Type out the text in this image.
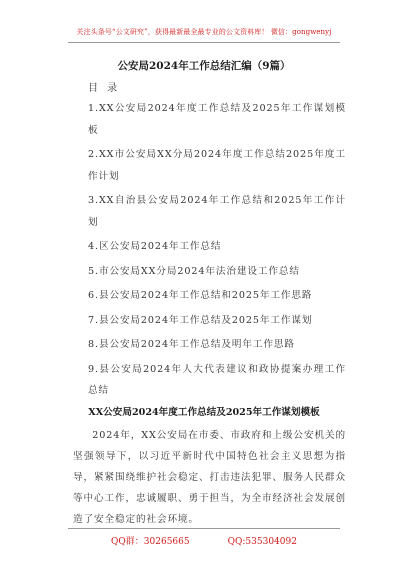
关注头条号“公文研究”，获得最新最全最专业的公文资料库！ 微信：gongwenyj
公安局2024年工作总结汇编（9篇）
目 录
1.XX公安局2024年度工作总结及2025年工作谋划模板
2.XX市公安局XX分局2024年度工作总结2025年度工作计划
3.XX自治县公安局2024年工作总结和2025年工作计划
4.区公安局2024年工作总结
5.市公安局XX分局2024年法治建设工作总结
6.县公安局2024年工作总结和2025年工作思路
7.县公安局2024年工作总结及2025年工作谋划
8.县公安局2024年工作总结及明年工作思路
9.县公安局2024年人大代表建议和政协提案办理工作总结
XX公安局2024年度工作总结及2025年工作谋划模板
2024年，XX公安局在市委、市政府和上级公安机关的坚强领导下，以习近平新时代中国特色社会主义思想为指导，紧紧围绕维护社会稳定、打击违法犯罪、服务人民群众等中心工作，忠诚履职、勇于担当，为全市经济社会发展创造了安全稳定的社会环境。
QQ群：30265665	QQ:535304092
